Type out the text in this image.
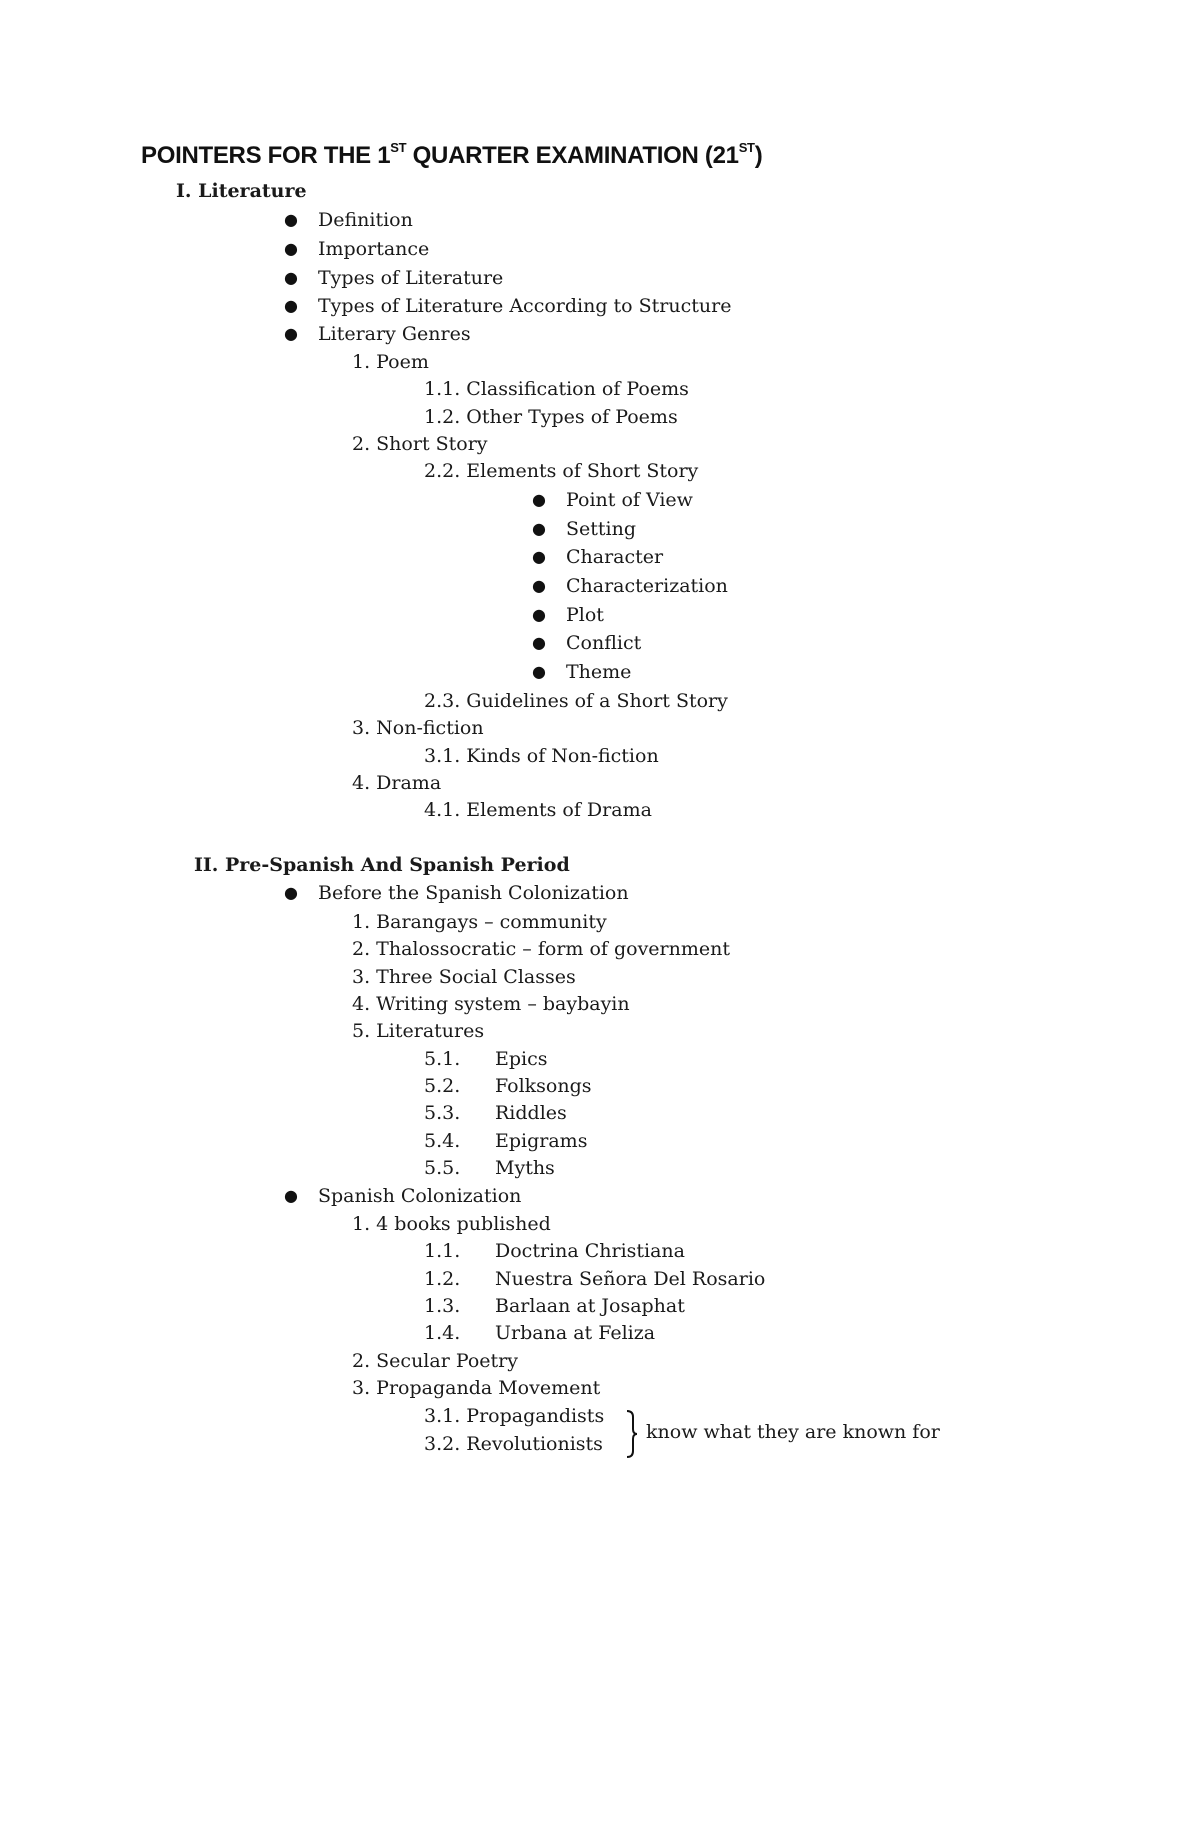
POINTERS FOR THE 1ST QUARTER EXAMINATION (21ST)
I. Literature
● Definition
● Importance
● Types of Literature
● Types of Literature According to Structure
● Literary Genres
1. Poem
1.1. Classification of Poems
1.2. Other Types of Poems
2. Short Story
2.2. Elements of Short Story
● Point of View
● Setting
● Character
● Characterization
● Plot
● Conflict
● Theme
2.3. Guidelines of a Short Story
3. Non-fiction
3.1. Kinds of Non-fiction
4. Drama
4.1. Elements of Drama
II. Pre-Spanish And Spanish Period
● Before the Spanish Colonization
1. Barangays – community
2. Thalossocratic – form of government
3. Three Social Classes
4. Writing system – baybayin
5. Literatures
5.1. Epics
5.2. Folksongs
5.3. Riddles
5.4. Epigrams
5.5. Myths
● Spanish Colonization
1. 4 books published
1.1. Doctrina Christiana
1.2. Nuestra Señora Del Rosario
1.3. Barlaan at Josaphat
1.4. Urbana at Feliza
2. Secular Poetry
3. Propaganda Movement
3.1. Propagandists
3.2. Revolutionists
know what they are known for
